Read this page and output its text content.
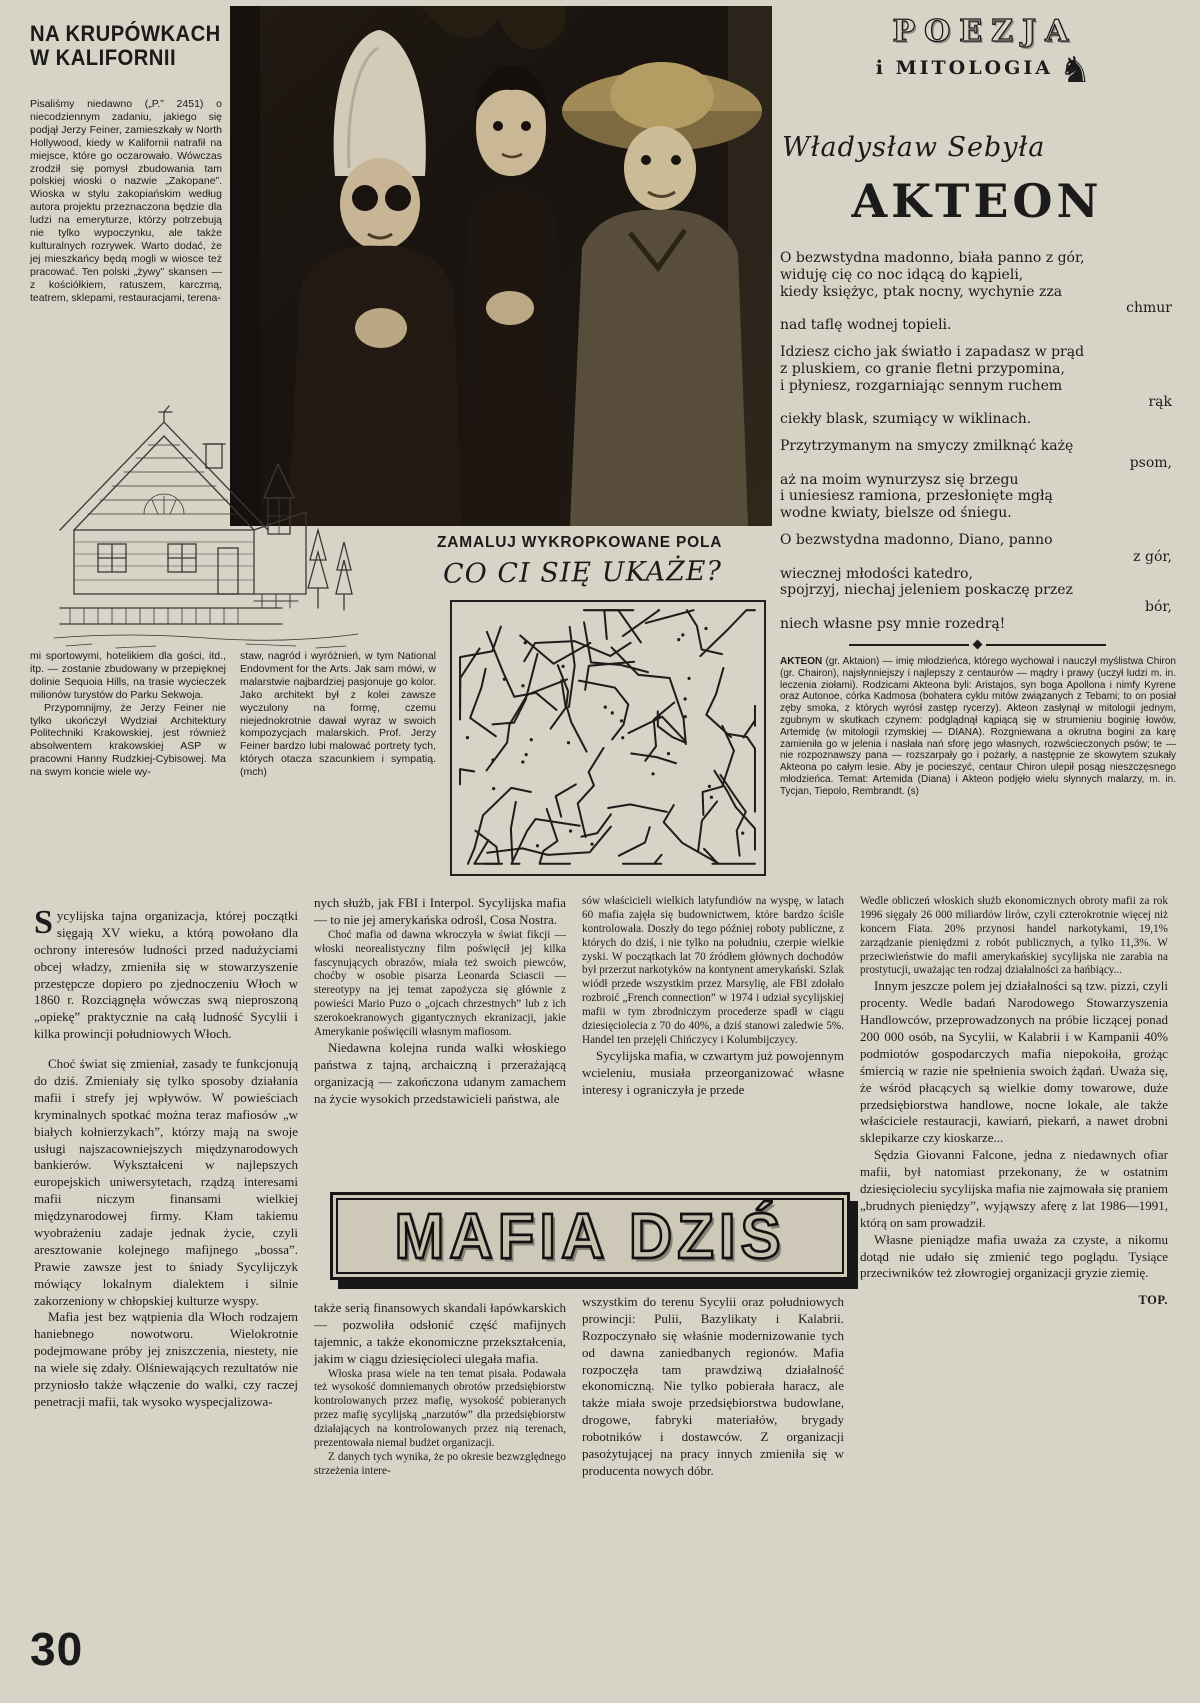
NA KRUPÓWKACH
W KALIFORNII

Pisaliśmy niedawno („P.” 2451) o niecodziennym zadaniu, jakiego się podjął Jerzy Feiner, zamieszkały w North Hollywood, kiedy w Kalifornii natrafił na miejsce, które go oczarowało. Wówczas zrodził się pomysł zbudowania tam polskiej wioski o nazwie „Zakopane”. Wioska w stylu zakopiańskim według autora projektu przeznaczona będzie dla ludzi na emeryturze, którzy potrzebują nie tylko wypoczynku, ale także kulturalnych rozrywek. Warto dodać, że jej mieszkańcy będą mogli w wiosce też pracować. Ten polski „żywy” skansen — z kościółkiem, ratuszem, karczmą, teatrem, sklepami, restauracjami, terena-

mi sportowymi, hotelikiem dla gości, itd., itp. — zostanie zbudowany w przepięknej dolinie Sequoia Hills, na trasie wycieczek milionów turystów do Parku Sekwoja.

Przypomnijmy, że Jerzy Feiner nie tylko ukończył Wydział Architektury Politechniki Krakowskiej, jest również absolwentem krakowskiej ASP w pracowni Hanny Rudzkiej-Cybisowej. Ma na swym koncie wiele wy-

staw, nagród i wyróżnień, w tym National Endovment for the Arts. Jak sam mówi, w malarstwie najbardziej pasjonuje go kolor. Jako architekt był z kolei zawsze wyczulony na formę, czemu niejednokrotnie dawał wyraz w swoich kompozycjach malarskich. Prof. Jerzy Feiner bardzo lubi malować portrety tych, których otacza szacunkiem i sympatią. (mch)

ZAMALUJ WYKROPKOWANE POLA
CO CI SIĘ UKAŻE?
POEZJA
i MITOLOGIA ♞
Władysław Sebyła
AKTEON
O bezwstydna madonno, biała panno z gór,
widuję cię co noc idącą do kąpieli,
kiedy księżyc, ptak nocny, wychynie zza
chmur
nad taflę wodnej topieli.
Idziesz cicho jak światło i zapadasz w prąd
z pluskiem, co granie fletni przypomina,
i płyniesz, rozgarniając sennym ruchem
rąk
ciekły blask, szumiący w wiklinach.
Przytrzymanym na smyczy zmilknąć każę
psom,
aż na moim wynurzysz się brzegu
i uniesiesz ramiona, przesłonięte mgłą
wodne kwiaty, bielsze od śniegu.
O bezwstydna madonno, Diano, panno
z gór,
wiecznej młodości katedro,
spojrzyj, niechaj jeleniem poskaczę przez
bór,
niech własne psy mnie rozedrą!
AKTEON (gr. Aktaion) — imię młodzieńca, którego wychował i nauczył myślistwa Chiron (gr. Chairon), najsłynniejszy i najlepszy z centaurów — mądry i prawy (uczył ludzi m. in. leczenia ziołami). Rodzicami Akteona byli: Aristajos, syn boga Apollona i nimfy Kyrene oraz Autonoe, córka Kadmosa (bohatera cyklu mitów związanych z Tebami; to on posiał zęby smoka, z których wyrósł zastęp rycerzy). Akteon zasłynął w mitologii jednym, zgubnym w skutkach czynem: podglądnął kąpiącą się w strumieniu boginię łowów, Artemidę (w mitologii rzymskiej — DIANA). Rozgniewana a okrutna bogini za karę zamieniła go w jelenia i nasłała nań sforę jego własnych, rozwścieczonych psów; te — nie rozpoznawszy pana — rozszarpały go i pożarły, a następnie ze skowytem szukały Akteona po całym lesie. Aby je pocieszyć, centaur Chiron ulepił posąg nieszczęsnego młodzieńca. Temat: Artemida (Diana) i Akteon podjęło wielu słynnych malarzy, m. in. Tycjan, Tiepolo, Rembrandt. (s)

Sycylijska tajna organizacja, której początki sięgają XV wieku, a którą powołano dla ochrony interesów ludności przed nadużyciami obcej władzy, zmieniła się w stowarzyszenie przestępcze dopiero po zjednoczeniu Włoch w 1860 r. Rozciągnęła wówczas swą nieproszoną „opiekę” praktycznie na całą ludność Sycylii i kilka prowincji południowych Włoch.

Choć świat się zmieniał, zasady te funkcjonują do dziś. Zmieniały się tylko sposoby działania mafii i strefy jej wpływów. W powieściach kryminalnych spotkać można teraz mafiosów „w białych kołnierzykach”, którzy mają na swoje usługi najszacowniejszych międzynarodowych bankierów. Wykształceni w najlepszych europejskich uniwersytetach, rządzą interesami mafii niczym finansami wielkiej międzynarodowej firmy. Kłam takiemu wyobrażeniu zadaje jednak życie, czyli aresztowanie kolejnego mafijnego „bossa”. Prawie zawsze jest to śniady Sycylijczyk mówiący lokalnym dialektem i silnie zakorzeniony w chłopskiej kulturze wyspy.

Mafia jest bez wątpienia dla Włoch rodzajem haniebnego nowotworu. Wielokrotnie podejmowane próby jej zniszczenia, niestety, nie na wiele się zdały. Olśniewających rezultatów nie przyniosło także włączenie do walki, czy raczej penetracji mafii, tak wysoko wyspecjalizowa-

nych służb, jak FBI i Interpol. Sycylijska mafia — to nie jej amerykańska odrośl, Cosa Nostra.

Choć mafia od dawna wkroczyła w świat fikcji — włoski neorealistyczny film poświęcił jej kilka fascynujących obrazów, miała też swoich piewców, choćby w osobie pisarza Leonarda Sciascii — stereotypy na jej temat zapożycza się głównie z powieści Mario Puzo o „ojcach chrzestnych” lub z ich szerokoekranowych gigantycznych ekranizacji, jakie Amerykanie poświęcili własnym mafiosom.

Niedawna kolejna runda walki włoskiego państwa z tajną, archaiczną i przerażającą organizacją — zakończona udanym zamachem na życie wysokich przedstawicieli państwa, ale

sów właścicieli wielkich latyfundiów na wyspę, w latach 60 mafia zajęła się budownictwem, które bardzo ściśle kontrolowała. Doszły do tego później roboty publiczne, z których do dziś, i nie tylko na południu, czerpie wielkie zyski. W początkach lat 70 źródłem głównych dochodów był przerzut narkotyków na kontynent amerykański. Szlak wiódł przede wszystkim przez Marsylię, ale FBI zdołało rozbroić „French connection” w 1974 i udział sycylijskiej mafii w tym zbrodniczym procederze spadł w ciągu dziesięciolecia z 70 do 40%, a dziś stanowi zaledwie 5%. Handel ten przejęli Chińczycy i Kolumbijczycy.

Sycylijska mafia, w czwartym już powojennym wcieleniu, musiała przeorganizować własne interesy i ograniczyła je przede

MAFIA DZIŚ

także serią finansowych skandali łapówkarskich — pozwoliła odsłonić część mafijnych tajemnic, a także ekonomiczne przekształcenia, jakim w ciągu dziesięcioleci ulegała mafia.

Włoska prasa wiele na ten temat pisała. Podawała też wysokość domniemanych obrotów przedsiębiorstw kontrolowanych przez mafię, wysokość pobieranych przez mafię sycylijską „narzutów” dla przedsiębiorstw działających na kontrolowanych przez nią terenach, prezentowała niemal budżet organizacji.

Z danych tych wynika, że po okresie bezwzględnego strzeżenia intere-

wszystkim do terenu Sycylii oraz południowych prowincji: Pulii, Bazylikaty i Kalabrii. Rozpoczynało się właśnie modernizowanie tych od dawna zaniedbanych regionów. Mafia rozpoczęła tam prawdziwą działalność ekonomiczną. Nie tylko pobierała haracz, ale także miała swoje przedsiębiorstwa budowlane, drogowe, fabryki materiałów, brygady robotników i dostawców. Z organizacji pasożytującej na pracy innych zmieniła się w producenta nowych dóbr.

Wedle obliczeń włoskich służb ekonomicznych obroty mafii za rok 1996 sięgały 26 000 miliardów lirów, czyli czterokrotnie więcej niż koncern Fiata. 20% przynosi handel narkotykami, 19,1% zarządzanie pieniędzmi z robót publicznych, a tylko 11,3%. W przeciwieństwie do mafii amerykańskiej sycylijska nie zarabia na prostytucji, uważając ten rodzaj działalności za hańbiący...

Innym jeszcze polem jej działalności są tzw. pizzi, czyli procenty. Wedle badań Narodowego Stowarzyszenia Handlowców, przeprowadzonych na próbie liczącej ponad 200 000 osób, na Sycylii, w Kalabrii i w Kampanii 40% podmiotów gospodarczych mafia niepokoiła, grożąc śmiercią w razie nie spełnienia swoich żądań. Uważa się, że wśród płacących są wielkie domy towarowe, duże przedsiębiorstwa handlowe, nocne lokale, ale także właściciele restauracji, kawiarń, piekarń, a nawet drobni sklepikarze czy kioskarze...

Sędzia Giovanni Falcone, jedna z niedawnych ofiar mafii, był natomiast przekonany, że w ostatnim dziesięcioleciu sycylijska mafia nie zajmowała się praniem „brudnych pieniędzy”, wyjąwszy aferę z lat 1986—1991, którą on sam prowadził.

Własne pieniądze mafia uważa za czyste, a nikomu dotąd nie udało się zmienić tego poglądu. Tysiące przeciwników też złowrogiej organizacji gryzie ziemię.

TOP.
30
